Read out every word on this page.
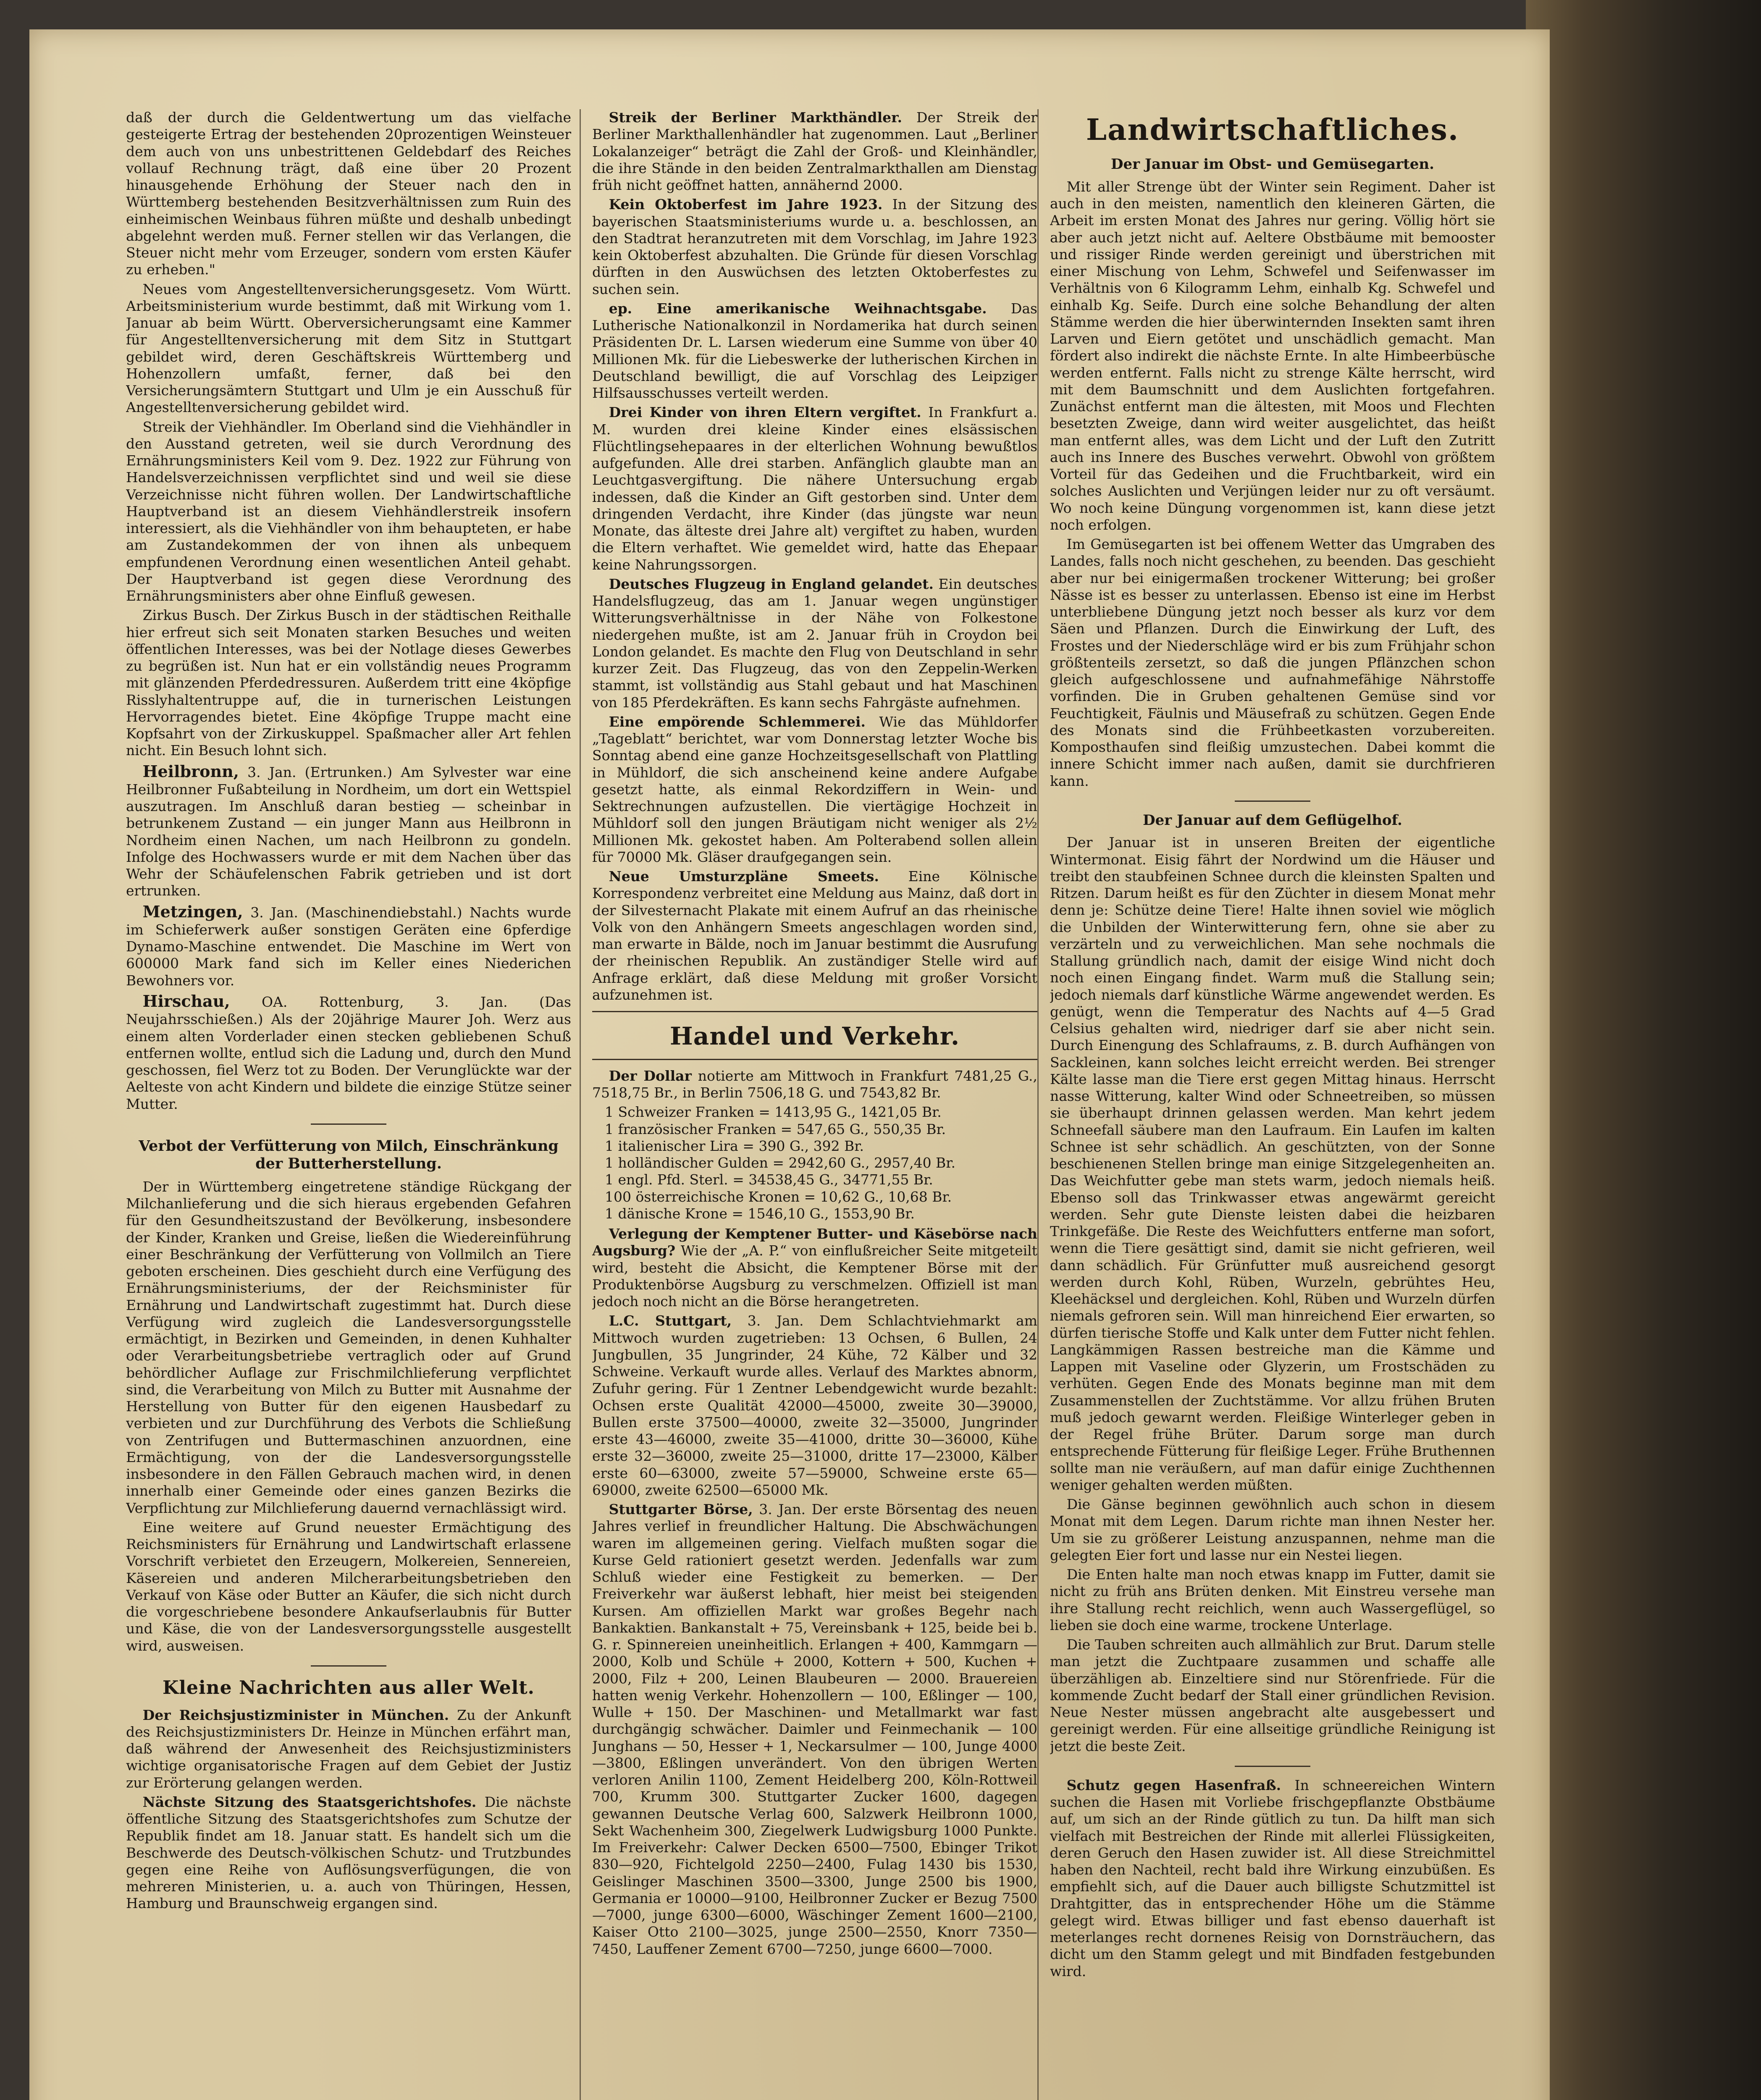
daß der durch die Geldentwertung um das vielfache gesteigerte Ertrag der bestehenden 20prozentigen Weinsteuer dem auch von uns unbestrittenen Geldebdarf des Reiches vollauf Rechnung trägt, daß eine über 20 Prozent hinausgehende Erhöhung der Steuer nach den in Württemberg bestehenden Besitzverhältnissen zum Ruin des einheimischen Weinbaus führen müßte und deshalb unbedingt abgelehnt werden muß. Ferner stellen wir das Verlangen, die Steuer nicht mehr vom Erzeuger, sondern vom ersten Käufer zu erheben."

Neues vom Angestelltenversicherungsgesetz. Vom Württ. Arbeitsministerium wurde bestimmt, daß mit Wirkung vom 1. Januar ab beim Württ. Oberversicherungsamt eine Kammer für Angestelltenversicherung mit dem Sitz in Stuttgart gebildet wird, deren Geschäftskreis Württemberg und Hohenzollern umfaßt, ferner, daß bei den Versicherungsämtern Stuttgart und Ulm je ein Ausschuß für Angestelltenversicherung gebildet wird.

Streik der Viehhändler. Im Oberland sind die Viehhändler in den Ausstand getreten, weil sie durch Verordnung des Ernährungsministers Keil vom 9. Dez. 1922 zur Führung von Handelsverzeichnissen verpflichtet sind und weil sie diese Verzeichnisse nicht führen wollen. Der Landwirtschaftliche Hauptverband ist an diesem Viehhändlerstreik insofern interessiert, als die Viehhändler von ihm behaupteten, er habe am Zustandekommen der von ihnen als unbequem empfundenen Verordnung einen wesentlichen Anteil gehabt. Der Hauptverband ist gegen diese Verordnung des Ernährungsministers aber ohne Einfluß gewesen.

Zirkus Busch. Der Zirkus Busch in der städtischen Reithalle hier erfreut sich seit Monaten starken Besuches und weiten öffentlichen Interesses, was bei der Notlage dieses Gewerbes zu begrüßen ist. Nun hat er ein vollständig neues Programm mit glänzenden Pferdedressuren. Außerdem tritt eine 4köpfige Risslyhaltentruppe auf, die in turnerischen Leistungen Hervorragendes bietet. Eine 4köpfige Truppe macht eine Kopfsahrt von der Zirkuskuppel. Spaßmacher aller Art fehlen nicht. Ein Besuch lohnt sich.

Heilbronn, 3. Jan. (Ertrunken.) Am Sylvester war eine Heilbronner Fußabteilung in Nordheim, um dort ein Wettspiel auszutragen. Im Anschluß daran bestieg — scheinbar in betrunkenem Zustand — ein junger Mann aus Heilbronn in Nordheim einen Nachen, um nach Heilbronn zu gondeln. Infolge des Hochwassers wurde er mit dem Nachen über das Wehr der Schäufelenschen Fabrik getrieben und ist dort ertrunken.

Metzingen, 3. Jan. (Maschinendiebstahl.) Nachts wurde im Schieferwerk außer sonstigen Geräten eine 6pferdige Dynamo-Maschine entwendet. Die Maschine im Wert von 600000 Mark fand sich im Keller eines Niederichen Bewohners vor.

Hirschau, OA. Rottenburg, 3. Jan. (Das Neujahrsschießen.) Als der 20jährige Maurer Joh. Werz aus einem alten Vorderlader einen stecken gebliebenen Schuß entfernen wollte, entlud sich die Ladung und, durch den Mund geschossen, fiel Werz tot zu Boden. Der Verunglückte war der Aelteste von acht Kindern und bildete die einzige Stütze seiner Mutter.

Verbot der Verfütterung von Milch, Einschränkung der Butterherstellung.

Der in Württemberg eingetretene ständige Rückgang der Milchanlieferung und die sich hieraus ergebenden Gefahren für den Gesundheitszustand der Bevölkerung, insbesondere der Kinder, Kranken und Greise, ließen die Wiedereinführung einer Beschränkung der Verfütterung von Vollmilch an Tiere geboten erscheinen. Dies geschieht durch eine Verfügung des Ernährungsministeriums, der der Reichsminister für Ernährung und Landwirtschaft zugestimmt hat. Durch diese Verfügung wird zugleich die Landesversorgungsstelle ermächtigt, in Bezirken und Gemeinden, in denen Kuhhalter oder Verarbeitungsbetriebe vertraglich oder auf Grund behördlicher Auflage zur Frischmilchlieferung verpflichtet sind, die Verarbeitung von Milch zu Butter mit Ausnahme der Herstellung von Butter für den eigenen Hausbedarf zu verbieten und zur Durchführung des Verbots die Schließung von Zentrifugen und Buttermaschinen anzuordnen, eine Ermächtigung, von der die Landesversorgungsstelle insbesondere in den Fällen Gebrauch machen wird, in denen innerhalb einer Gemeinde oder eines ganzen Bezirks die Verpflichtung zur Milchlieferung dauernd vernachlässigt wird.

Eine weitere auf Grund neuester Ermächtigung des Reichsministers für Ernährung und Landwirtschaft erlassene Vorschrift verbietet den Erzeugern, Molkereien, Sennereien, Käsereien und anderen Milcherarbeitungsbetrieben den Verkauf von Käse oder Butter an Käufer, die sich nicht durch die vorgeschriebene besondere Ankaufserlaubnis für Butter und Käse, die von der Landesversorgungsstelle ausgestellt wird, ausweisen.

Kleine Nachrichten aus aller Welt.

Der Reichsjustizminister in München. Zu der Ankunft des Reichsjustizministers Dr. Heinze in München erfährt man, daß während der Anwesenheit des Reichsjustizministers wichtige organisatorische Fragen auf dem Gebiet der Justiz zur Erörterung gelangen werden.

Nächste Sitzung des Staatsgerichtshofes. Die nächste öffentliche Sitzung des Staatsgerichtshofes zum Schutze der Republik findet am 18. Januar statt. Es handelt sich um die Beschwerde des Deutsch-völkischen Schutz- und Trutzbundes gegen eine Reihe von Auflösungsverfügungen, die von mehreren Ministerien, u. a. auch von Thüringen, Hessen, Hamburg und Braunschweig ergangen sind.

Streik der Berliner Markthändler. Der Streik der Berliner Markthallenhändler hat zugenommen. Laut „Berliner Lokalanzeiger“ beträgt die Zahl der Groß- und Kleinhändler, die ihre Stände in den beiden Zentralmarkthallen am Dienstag früh nicht geöffnet hatten, annähernd 2000.

Kein Oktoberfest im Jahre 1923. In der Sitzung des bayerischen Staatsministeriums wurde u. a. beschlossen, an den Stadtrat heranzutreten mit dem Vorschlag, im Jahre 1923 kein Oktoberfest abzuhalten. Die Gründe für diesen Vorschlag dürften in den Auswüchsen des letzten Oktoberfestes zu suchen sein.

ep. Eine amerikanische Weihnachtsgabe. Das Lutherische Nationalkonzil in Nordamerika hat durch seinen Präsidenten Dr. L. Larsen wiederum eine Summe von über 40 Millionen Mk. für die Liebeswerke der lutherischen Kirchen in Deutschland bewilligt, die auf Vorschlag des Leipziger Hilfsausschusses verteilt werden.

Drei Kinder von ihren Eltern vergiftet. In Frankfurt a. M. wurden drei kleine Kinder eines elsässischen Flüchtlingsehepaares in der elterlichen Wohnung bewußtlos aufgefunden. Alle drei starben. Anfänglich glaubte man an Leuchtgasvergiftung. Die nähere Untersuchung ergab indessen, daß die Kinder an Gift gestorben sind. Unter dem dringenden Verdacht, ihre Kinder (das jüngste war neun Monate, das älteste drei Jahre alt) vergiftet zu haben, wurden die Eltern verhaftet. Wie gemeldet wird, hatte das Ehepaar keine Nahrungssorgen.

Deutsches Flugzeug in England gelandet. Ein deutsches Handelsflugzeug, das am 1. Januar wegen ungünstiger Witterungsverhältnisse in der Nähe von Folkestone niedergehen mußte, ist am 2. Januar früh in Croydon bei London gelandet. Es machte den Flug von Deutschland in sehr kurzer Zeit. Das Flugzeug, das von den Zeppelin-Werken stammt, ist vollständig aus Stahl gebaut und hat Maschinen von 185 Pferdekräften. Es kann sechs Fahrgäste aufnehmen.

Eine empörende Schlemmerei. Wie das Mühldorfer „Tageblatt“ berichtet, war vom Donnerstag letzter Woche bis Sonntag abend eine ganze Hochzeitsgesellschaft von Plattling in Mühldorf, die sich anscheinend keine andere Aufgabe gesetzt hatte, als einmal Rekordziffern in Wein- und Sektrechnungen aufzustellen. Die viertägige Hochzeit in Mühldorf soll den jungen Bräutigam nicht weniger als 2½ Millionen Mk. gekostet haben. Am Polterabend sollen allein für 70000 Mk. Gläser draufgegangen sein.

Neue Umsturzpläne Smeets. Eine Kölnische Korrespondenz verbreitet eine Meldung aus Mainz, daß dort in der Silvesternacht Plakate mit einem Aufruf an das rheinische Volk von den Anhängern Smeets angeschlagen worden sind, man erwarte in Bälde, noch im Januar bestimmt die Ausrufung der rheinischen Republik. An zuständiger Stelle wird auf Anfrage erklärt, daß diese Meldung mit großer Vorsicht aufzunehmen ist.

Handel und Verkehr.

Der Dollar notierte am Mittwoch in Frankfurt 7481,25 G., 7518,75 Br., in Berlin 7506,18 G. und 7543,82 Br.

1 Schweizer Franken = 1413,95 G., 1421,05 Br.
1 französischer Franken = 547,65 G., 550,35 Br.
1 italienischer Lira = 390 G., 392 Br.
1 holländischer Gulden = 2942,60 G., 2957,40 Br.
1 engl. Pfd. Sterl. = 34538,45 G., 34771,55 Br.
100 österreichische Kronen = 10,62 G., 10,68 Br.
1 dänische Krone = 1546,10 G., 1553,90 Br.

Verlegung der Kemptener Butter- und Käsebörse nach Augsburg? Wie der „A. P.“ von einflußreicher Seite mitgeteilt wird, besteht die Absicht, die Kemptener Börse mit der Produktenbörse Augsburg zu verschmelzen. Offiziell ist man jedoch noch nicht an die Börse herangetreten.

L.C. Stuttgart, 3. Jan. Dem Schlachtviehmarkt am Mittwoch wurden zugetrieben: 13 Ochsen, 6 Bullen, 24 Jungbullen, 35 Jungrinder, 24 Kühe, 72 Kälber und 32 Schweine. Verkauft wurde alles. Verlauf des Marktes abnorm, Zufuhr gering. Für 1 Zentner Lebendgewicht wurde bezahlt: Ochsen erste Qualität 42000—45000, zweite 30—39000, Bullen erste 37500—40000, zweite 32—35000, Jungrinder erste 43—46000, zweite 35—41000, dritte 30—36000, Kühe erste 32—36000, zweite 25—31000, dritte 17—23000, Kälber erste 60—63000, zweite 57—59000, Schweine erste 65—69000, zweite 62500—65000 Mk.

Stuttgarter Börse, 3. Jan. Der erste Börsentag des neuen Jahres verlief in freundlicher Haltung. Die Abschwächungen waren im allgemeinen gering. Vielfach mußten sogar die Kurse Geld rationiert gesetzt werden. Jedenfalls war zum Schluß wieder eine Festigkeit zu bemerken. — Der Freiverkehr war äußerst lebhaft, hier meist bei steigenden Kursen. Am offiziellen Markt war großes Begehr nach Bankaktien. Bankanstalt + 75, Vereinsbank + 125, beide bei b. G. r. Spinnereien uneinheitlich. Erlangen + 400, Kammgarn — 2000, Kolb und Schüle + 2000, Kottern + 500, Kuchen + 2000, Filz + 200, Leinen Blaubeuren — 2000. Brauereien hatten wenig Verkehr. Hohenzollern — 100, Eßlinger — 100, Wulle + 150. Der Maschinen- und Metallmarkt war fast durchgängig schwächer. Daimler und Feinmechanik — 100 Junghans — 50, Hesser + 1, Neckarsulmer — 100, Junge 4000—3800, Eßlingen unverändert. Von den übrigen Werten verloren Anilin 1100, Zement Heidelberg 200, Köln-Rottweil 700, Krumm 300. Stuttgarter Zucker 1600, dagegen gewannen Deutsche Verlag 600, Salzwerk Heilbronn 1000, Sekt Wachenheim 300, Ziegelwerk Ludwigsburg 1000 Punkte. Im Freiverkehr: Calwer Decken 6500—7500, Ebinger Trikot 830—920, Fichtelgold 2250—2400, Fulag 1430 bis 1530, Geislinger Maschinen 3500—3300, Junge 2500 bis 1900, Germania er 10000—9100, Heilbronner Zucker er Bezug 7500—7000, junge 6300—6000, Wäschinger Zement 1600—2100, Kaiser Otto 2100—3025, junge 2500—2550, Knorr 7350—7450, Lauffener Zement 6700—7250, junge 6600—7000.

Landwirtschaftliches.
Der Januar im Obst- und Gemüsegarten.

Mit aller Strenge übt der Winter sein Regiment. Daher ist auch in den meisten, namentlich den kleineren Gärten, die Arbeit im ersten Monat des Jahres nur gering. Völlig hört sie aber auch jetzt nicht auf. Aeltere Obstbäume mit bemooster und rissiger Rinde werden gereinigt und überstrichen mit einer Mischung von Lehm, Schwefel und Seifenwasser im Verhältnis von 6 Kilogramm Lehm, einhalb Kg. Schwefel und einhalb Kg. Seife. Durch eine solche Behandlung der alten Stämme werden die hier überwinternden Insekten samt ihren Larven und Eiern getötet und unschädlich gemacht. Man fördert also indirekt die nächste Ernte. In alte Himbeerbüsche werden entfernt. Falls nicht zu strenge Kälte herrscht, wird mit dem Baumschnitt und dem Auslichten fortgefahren. Zunächst entfernt man die ältesten, mit Moos und Flechten besetzten Zweige, dann wird weiter ausgelichtet, das heißt man entfernt alles, was dem Licht und der Luft den Zutritt auch ins Innere des Busches verwehrt. Obwohl von größtem Vorteil für das Gedeihen und die Fruchtbarkeit, wird ein solches Auslichten und Verjüngen leider nur zu oft versäumt. Wo noch keine Düngung vorgenommen ist, kann diese jetzt noch erfolgen.

Im Gemüsegarten ist bei offenem Wetter das Umgraben des Landes, falls noch nicht geschehen, zu beenden. Das geschieht aber nur bei einigermaßen trockener Witterung; bei großer Nässe ist es besser zu unterlassen. Ebenso ist eine im Herbst unterbliebene Düngung jetzt noch besser als kurz vor dem Säen und Pflanzen. Durch die Einwirkung der Luft, des Frostes und der Niederschläge wird er bis zum Frühjahr schon größtenteils zersetzt, so daß die jungen Pflänzchen schon gleich aufgeschlossene und aufnahmefähige Nährstoffe vorfinden. Die in Gruben gehaltenen Gemüse sind vor Feuchtigkeit, Fäulnis und Mäusefraß zu schützen. Gegen Ende des Monats sind die Frühbeetkasten vorzubereiten. Komposthaufen sind fleißig umzustechen. Dabei kommt die innere Schicht immer nach außen, damit sie durchfrieren kann.

Der Januar auf dem Geflügelhof.

Der Januar ist in unseren Breiten der eigentliche Wintermonat. Eisig fährt der Nordwind um die Häuser und treibt den staubfeinen Schnee durch die kleinsten Spalten und Ritzen. Darum heißt es für den Züchter in diesem Monat mehr denn je: Schütze deine Tiere! Halte ihnen soviel wie möglich die Unbilden der Winterwitterung fern, ohne sie aber zu verzärteln und zu verweichlichen. Man sehe nochmals die Stallung gründlich nach, damit der eisige Wind nicht doch noch einen Eingang findet. Warm muß die Stallung sein; jedoch niemals darf künstliche Wärme angewendet werden. Es genügt, wenn die Temperatur des Nachts auf 4—5 Grad Celsius gehalten wird, niedriger darf sie aber nicht sein. Durch Einengung des Schlafraums, z. B. durch Aufhängen von Sackleinen, kann solches leicht erreicht werden. Bei strenger Kälte lasse man die Tiere erst gegen Mittag hinaus. Herrscht nasse Witterung, kalter Wind oder Schneetreiben, so müssen sie überhaupt drinnen gelassen werden. Man kehrt jedem Schneefall säubere man den Laufraum. Ein Laufen im kalten Schnee ist sehr schädlich. An geschützten, von der Sonne beschienenen Stellen bringe man einige Sitzgelegenheiten an. Das Weichfutter gebe man stets warm, jedoch niemals heiß. Ebenso soll das Trinkwasser etwas angewärmt gereicht werden. Sehr gute Dienste leisten dabei die heizbaren Trinkgefäße. Die Reste des Weichfutters entferne man sofort, wenn die Tiere gesättigt sind, damit sie nicht gefrieren, weil dann schädlich. Für Grünfutter muß ausreichend gesorgt werden durch Kohl, Rüben, Wurzeln, gebrühtes Heu, Kleehäcksel und dergleichen. Kohl, Rüben und Wurzeln dürfen niemals gefroren sein. Will man hinreichend Eier erwarten, so dürfen tierische Stoffe und Kalk unter dem Futter nicht fehlen. Langkämmigen Rassen bestreiche man die Kämme und Lappen mit Vaseline oder Glyzerin, um Frostschäden zu verhüten. Gegen Ende des Monats beginne man mit dem Zusammenstellen der Zuchtstämme. Vor allzu frühen Bruten muß jedoch gewarnt werden. Fleißige Winterleger geben in der Regel frühe Brüter. Darum sorge man durch entsprechende Fütterung für fleißige Leger. Frühe Bruthennen sollte man nie veräußern, auf man dafür einige Zuchthennen weniger gehalten werden müßten.

Die Gänse beginnen gewöhnlich auch schon in diesem Monat mit dem Legen. Darum richte man ihnen Nester her. Um sie zu größerer Leistung anzuspannen, nehme man die gelegten Eier fort und lasse nur ein Nestei liegen.

Die Enten halte man noch etwas knapp im Futter, damit sie nicht zu früh ans Brüten denken. Mit Einstreu versehe man ihre Stallung recht reichlich, wenn auch Wassergeflügel, so lieben sie doch eine warme, trockene Unterlage.

Die Tauben schreiten auch allmählich zur Brut. Darum stelle man jetzt die Zuchtpaare zusammen und schaffe alle überzähligen ab. Einzeltiere sind nur Störenfriede. Für die kommende Zucht bedarf der Stall einer gründlichen Revision. Neue Nester müssen angebracht alte ausgebessert und gereinigt werden. Für eine allseitige gründliche Reinigung ist jetzt die beste Zeit.

Schutz gegen Hasenfraß. In schneereichen Wintern suchen die Hasen mit Vorliebe frischgepflanzte Obstbäume auf, um sich an der Rinde gütlich zu tun. Da hilft man sich vielfach mit Bestreichen der Rinde mit allerlei Flüssigkeiten, deren Geruch den Hasen zuwider ist. All diese Streichmittel haben den Nachteil, recht bald ihre Wirkung einzubüßen. Es empfiehlt sich, auf die Dauer auch billigste Schutzmittel ist Drahtgitter, das in entsprechender Höhe um die Stämme gelegt wird. Etwas billiger und fast ebenso dauerhaft ist meterlanges recht dornenes Reisig von Dornsträuchern, das dicht um den Stamm gelegt und mit Bindfaden festgebunden wird.
